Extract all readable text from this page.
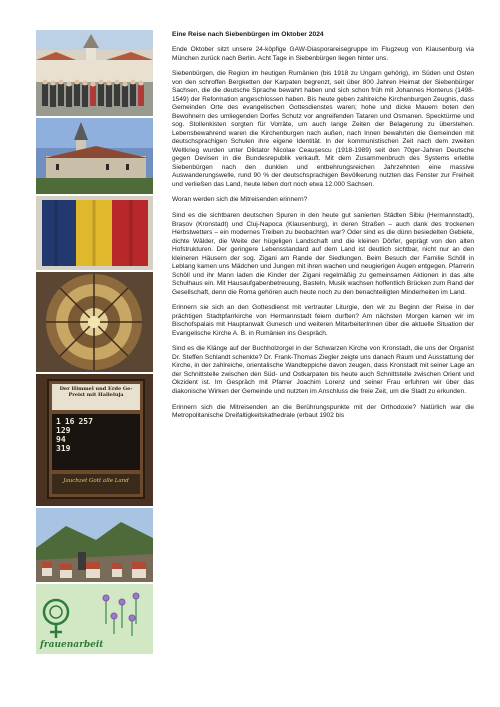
Der Himmel und Erde Ge- Preist mit Halleluja
1 16 257
129
94
319
Jauchzet Gott alle Land
frauenarbeit
Eine Reise nach Siebenbürgen im Oktober 2024

Ende Oktober sitzt unsere 24-köpfige GAW-Diasporareisegruppe im Flugzeug von Klausenburg via München zurück nach Berlin. Acht Tage in Siebenbürgen liegen hinter uns.

Siebenbürgen, die Region im heutigen Rumänien (bis 1918 zu Ungarn gehörig), im Süden und Osten von den schroffen Bergketten der Karpaten begrenzt, seit über 800 Jahren Heimat der Siebenbürger Sachsen, die die deutsche Sprache bewahrt haben und sich schon früh mit Johannes Honterus (1498-1549) der Reformation angeschlossen haben. Bis heute geben zahlreiche Kirchenburgen Zeugnis, dass Gemeinden Orte des evangelischen Gottesdienstes waren; hohe und dicke Mauern boten den Bewohnern des umliegenden Dorfes Schutz vor angreifenden Tataren und Osmanen. Specktürme und sog. Stollenkisten sorgten für Vorräte, um auch lange Zeiten der Belagerung zu überstehen. Lebensbewahrend waren die Kirchenburgen nach außen, nach Innen bewahrten die Gemeinden mit deutschsprachigen Schulen ihre eigene Identität. In der kommunistischen Zeit nach dem zweiten Weltkrieg wurden unter Diktator Nicolae Ceaușescu (1918-1989) seit den 70ger-Jahren Deutsche gegen Devisen in die Bundesrepublik verkauft. Mit dem Zusammenbruch des Systems erlebte Siebenbürgen nach den dunklen und entbehrungsreichen Jahrzehnten eine massive Auswanderungswelle, rund 90 % der deutschsprachigen Bevölkerung nutzten das Fenster zur Freiheit und verließen das Land, heute leben dort noch etwa 12.000 Sachsen.

Woran werden sich die Mitreisenden erinnern?

Sind es die sichtbaren deutschen Spuren in den heute gut sanierten Städten Sibiu (Hermannstadt), Brașov (Kronstadt) und Cluj-Napoca (Klausenburg), in deren Straßen – auch dank des trockenen Herbstwetters – ein modernes Treiben zu beobachten war? Oder sind es die dünn besiedelten Gebiete, dichte Wälder, die Weite der hügeligen Landschaft und die kleinen Dörfer, geprägt von den alten Hofstrukturen. Der geringere Lebensstandard auf dem Land ist deutlich sichtbar, nicht nur an den kleineren Häusern der sog. Zigani am Rande der Siedlungen. Beim Besuch der Familie Schöll in Leblang kamen uns Mädchen und Jungen mit ihren wachen und neugierigen Augen entgegen. Pfarrerin Schöll und ihr Mann laden die Kinder der Zigani regelmäßig zu gemeinsamen Aktionen in das alte Schulhaus ein. Mit Hausaufgabenbetreuung, Basteln, Musik wachsen hoffentlich Brücken zum Rand der Gesellschaft, denn die Roma gehören auch heute noch zu den benachteiligten Minderheiten im Land.

Erinnern sie sich an den Gottesdienst mit vertrauter Liturgie, den wir zu Beginn der Reise in der prächtigen Stadtpfarrkirche von Hermannstadt feiern durften? Am nächsten Morgen kamen wir im Bischofspalais mit Hauptanwalt Gunesch und weiteren MitarbeiterInnen über die aktuelle Situation der Evangelische Kirche A. B. in Rumänien ins Gespräch.

Sind es die Klänge auf der Buchholzorgel in der Schwarzen Kirche von Kronstadt, die uns der Organist Dr. Steffen Schlandt schenkte? Dr. Frank-Thomas Ziegler zeigte uns danach Raum und Ausstattung der Kirche, in der zahlreiche, orientalische Wandteppiche davon zeugen, dass Kronstadt mit seiner Lage an der Schnittstelle zwischen den Süd- und Ostkarpaten bis heute auch Schnittstelle zwischen Orient und Okzident ist. Im Gespräch mit Pfarrer Joachim Lorenz und seiner Frau erfuhren wir über das diakonische Wirken der Gemeinde und nutzten im Anschluss die freie Zeit, um die Stadt zu erkunden.

Erinnern sich die Mitreisenden an die Berührungspunkte mit der Orthodoxie? Natürlich war die Metropolitanische Dreifaltigkeitskathedrale (erbaut 1902 bis
